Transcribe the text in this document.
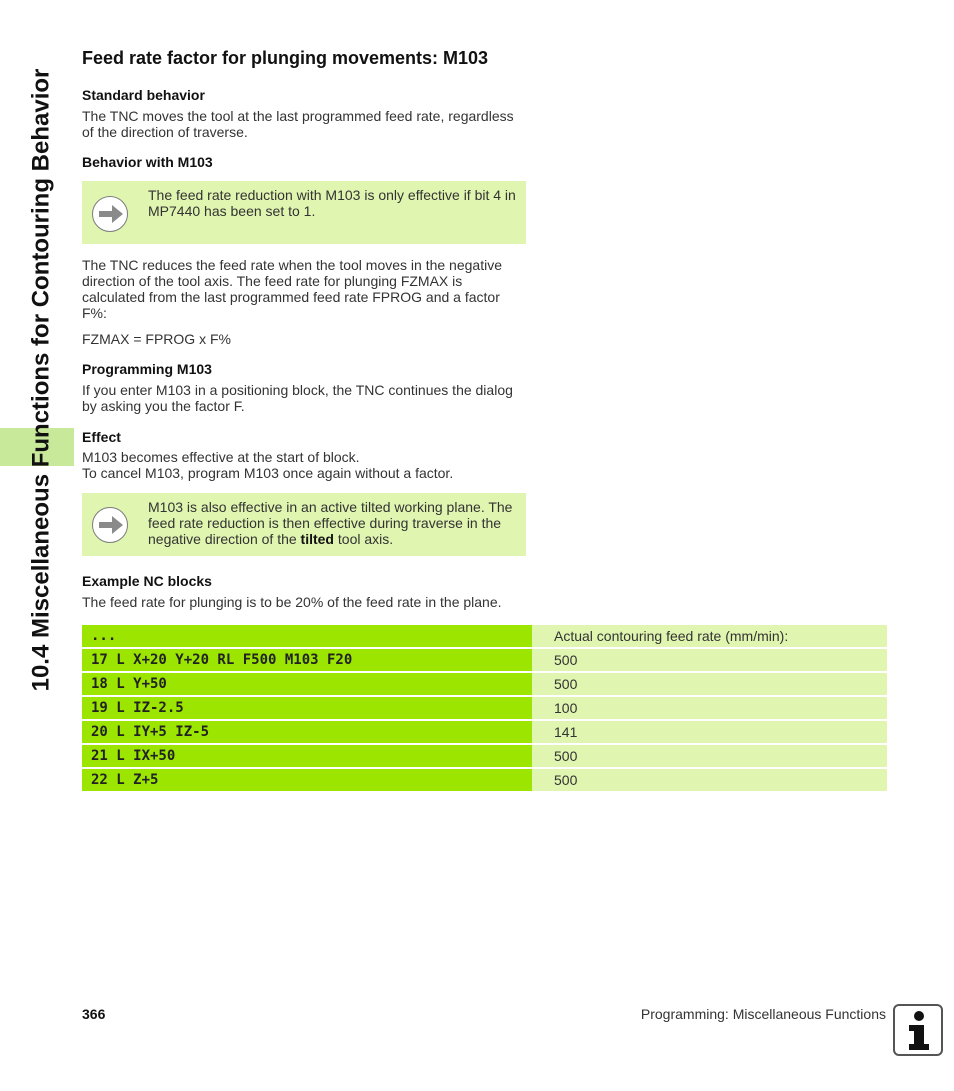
10.4 Miscellaneous Functions for Contouring Behavior
Feed rate factor for plunging movements: M103
Standard behavior

The TNC moves the tool at the last programmed feed rate, regardless of the direction of traverse.

Behavior with M103
The feed rate reduction with M103 is only effective if bit 4 in MP7440 has been set to 1.

The TNC reduces the feed rate when the tool moves in the negative direction of the tool axis. The feed rate for plunging FZMAX is calculated from the last programmed feed rate FPROG and a factor F%:

FZMAX = FPROG x F%

Programming M103

If you enter M103 in a positioning block, the TNC continues the dialog by asking you the factor F.

Effect

M103 becomes effective at the start of block.

To cancel M103, program M103 once again without a factor.

M103 is also effective in an active tilted working plane. The feed rate reduction is then effective during traverse in the negative direction of the tilted tool axis.
Example NC blocks

The feed rate for plunging is to be 20% of the feed rate in the plane.

...	Actual contouring feed rate (mm/min):
17 L X+20 Y+20 RL F500 M103 F20	500
18 L Y+50	500
19 L IZ-2.5	100
20 L IY+5 IZ-5	141
21 L IX+50	500
22 L Z+5	500
366	Programming: Miscellaneous Functions
